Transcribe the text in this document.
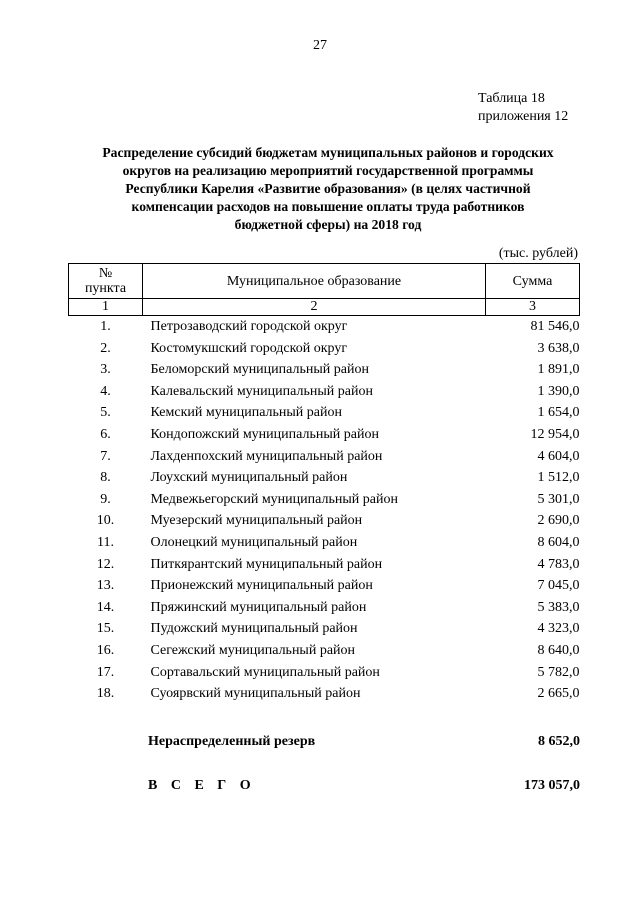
27
Таблица 18
приложения 12
Распределение субсидий бюджетам муниципальных районов и городских
округов на реализацию мероприятий государственной программы
Республики Карелия «Развитие образования» (в целях частичной
компенсации расходов на повышение оплаты труда работников
бюджетной сферы) на 2018 год
(тыс. рублей)
№
пункта	Муниципальное образование	Сумма
1	2	3
1.	Петрозаводский городской округ	81 546,0
2.	Костомукшский городской округ	3 638,0
3.	Беломорский муниципальный район	1 891,0
4.	Калевальский муниципальный район	1 390,0
5.	Кемский муниципальный район	1 654,0
6.	Кондопожский муниципальный район	12 954,0
7.	Лахденпохский муниципальный район	4 604,0
8.	Лоухский муниципальный район	1 512,0
9.	Медвежьегорский муниципальный район	5 301,0
10.	Муезерский муниципальный район	2 690,0
11.	Олонецкий муниципальный район	8 604,0
12.	Питкярантский муниципальный район	4 783,0
13.	Прионежский муниципальный район	7 045,0
14.	Пряжинский муниципальный район	5 383,0
15.	Пудожский муниципальный район	4 323,0
16.	Сегежский муниципальный район	8 640,0
17.	Сортавальский муниципальный район	5 782,0
18.	Суоярвский муниципальный район	2 665,0
Нераспределенный резерв	8 652,0
В С Е Г О	173 057,0
